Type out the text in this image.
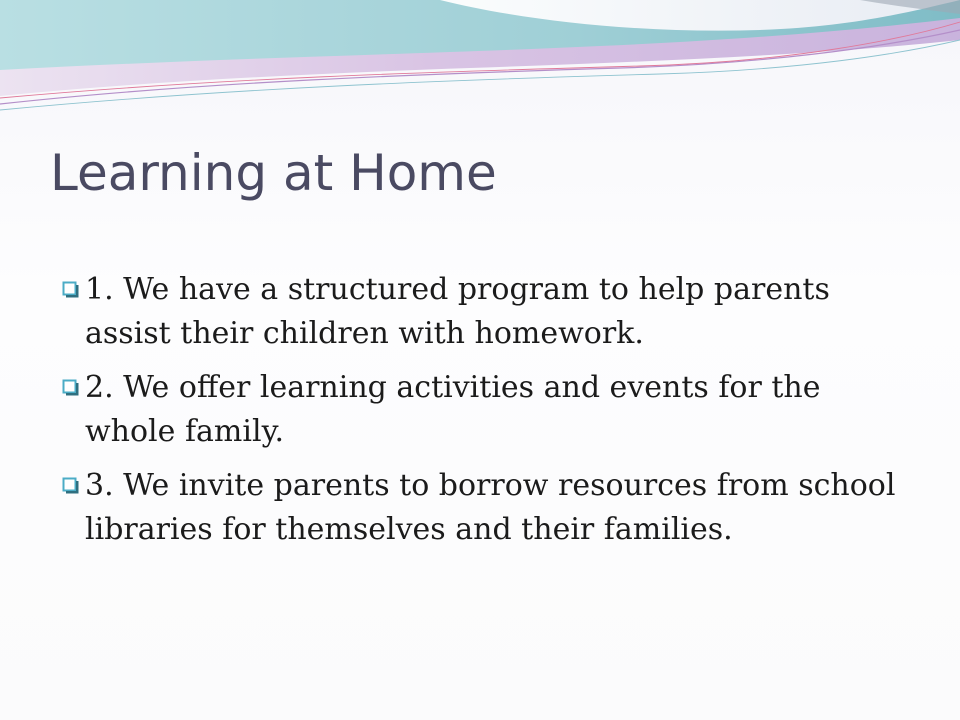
Learning at Home
1. We have a structured program to help parents assist their children with homework.
2. We offer learning activities and events for the whole family.
3. We invite parents to borrow resources from school libraries for themselves and their families.
